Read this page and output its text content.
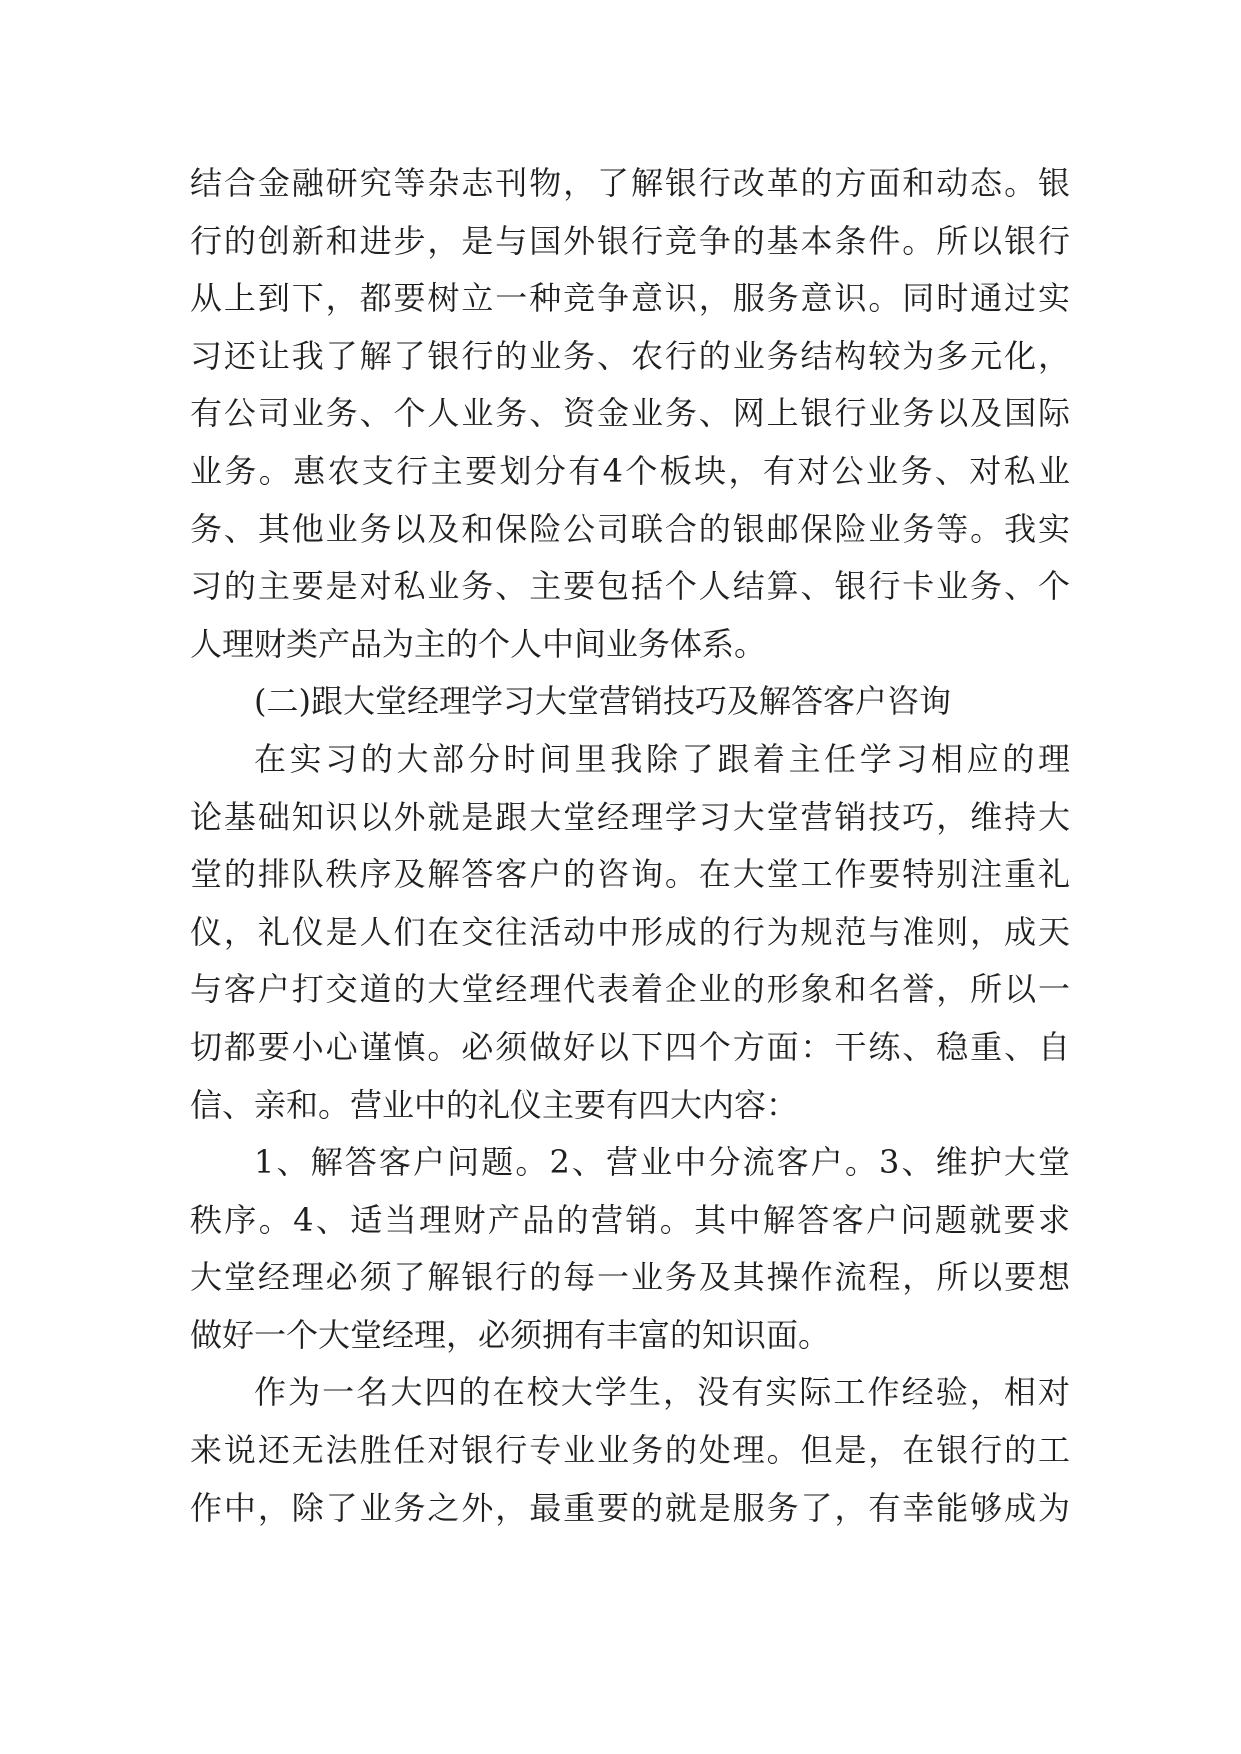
结合金融研究等杂志刊物，了解银行改革的方面和动态。银
行的创新和进步，是与国外银行竞争的基本条件。所以银行
从上到下，都要树立一种竞争意识，服务意识。同时通过实
习还让我了解了银行的业务、农行的业务结构较为多元化，
有公司业务、个人业务、资金业务、网上银行业务以及国际
业务。惠农支行主要划分有4个板块，有对公业务、对私业
务、其他业务以及和保险公司联合的银邮保险业务等。我实
习的主要是对私业务、主要包括个人结算、银行卡业务、个
人理财类产品为主的个人中间业务体系。
(二)跟大堂经理学习大堂营销技巧及解答客户咨询
在实习的大部分时间里我除了跟着主任学习相应的理
论基础知识以外就是跟大堂经理学习大堂营销技巧，维持大
堂的排队秩序及解答客户的咨询。在大堂工作要特别注重礼
仪，礼仪是人们在交往活动中形成的行为规范与准则，成天
与客户打交道的大堂经理代表着企业的形象和名誉，所以一
切都要小心谨慎。必须做好以下四个方面：干练、稳重、自
信、亲和。营业中的礼仪主要有四大内容：
1、解答客户问题。2、营业中分流客户。3、维护大堂
秩序。4、适当理财产品的营销。其中解答客户问题就要求
大堂经理必须了解银行的每一业务及其操作流程，所以要想
做好一个大堂经理，必须拥有丰富的知识面。
作为一名大四的在校大学生，没有实际工作经验，相对
来说还无法胜任对银行专业业务的处理。但是，在银行的工
作中，除了业务之外，最重要的就是服务了，有幸能够成为
